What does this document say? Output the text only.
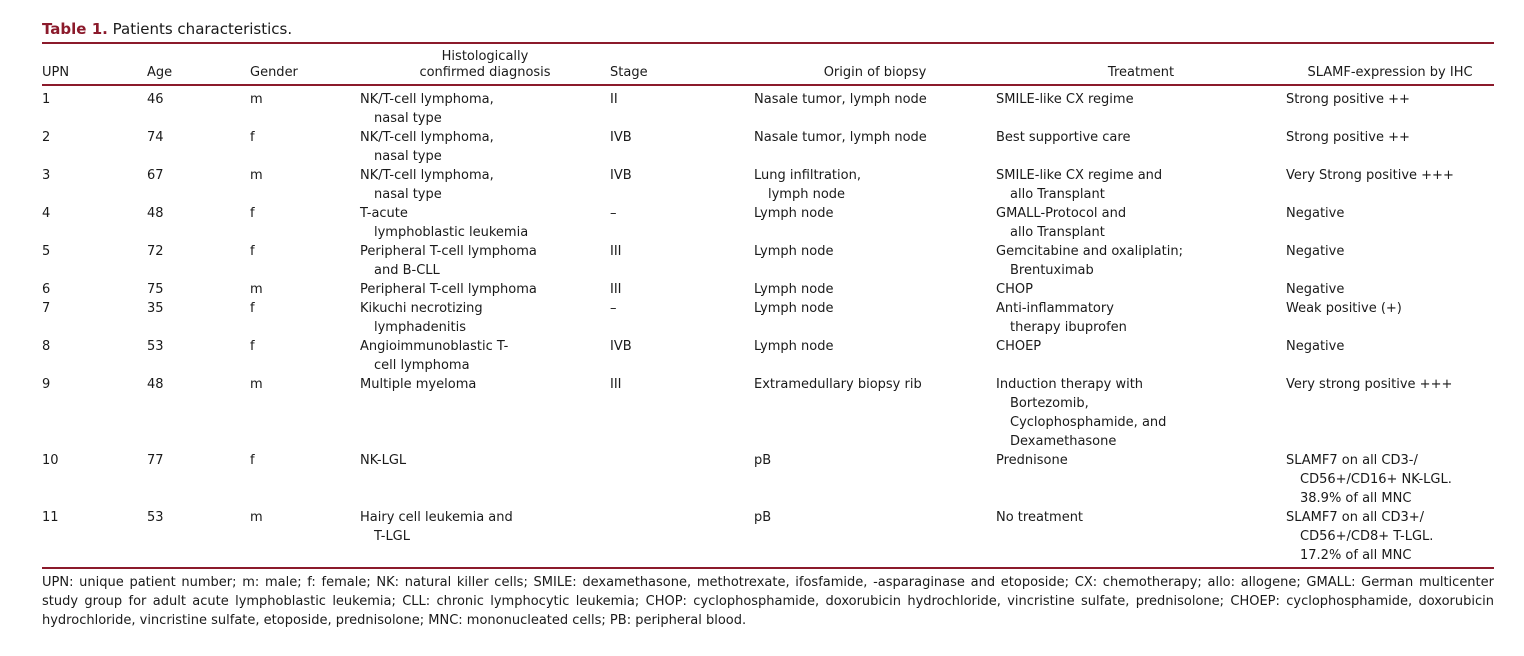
Table 1. Patients characteristics.
UPN	Age	Gender	Histologically
confirmed diagnosis	Stage	Origin of biopsy	Treatment	SLAMF-expression by IHC
1	46	m	NK/T-cell lymphoma,
nasal type	II	Nasale tumor, lymph node	SMILE-like CX regime	Strong positive ++

2	74	f	NK/T-cell lymphoma,
nasal type	IVB	Nasale tumor, lymph node	Best supportive care	Strong positive ++

3	67	m	NK/T-cell lymphoma,
nasal type	IVB	Lung infiltration,
lymph node	SMILE-like CX regime and
allo Transplant	Very Strong positive +++

4	48	f	T-acute
lymphoblastic leukemia	–	Lymph node	GMALL-Protocol and
allo Transplant	Negative

5	72	f	Peripheral T-cell lymphoma
and B-CLL	III	Lymph node	Gemcitabine and oxaliplatin;
Brentuximab	Negative

6	75	m	Peripheral T-cell lymphoma	III	Lymph node	CHOP	Negative

7	35	f	Kikuchi necrotizing
lymphadenitis	–	Lymph node	Anti-inflammatory
therapy ibuprofen	Weak positive (+)

8	53	f	Angioimmunoblastic T-
cell lymphoma	IVB	Lymph node	CHOEP	Negative

9	48	m	Multiple myeloma	III	Extramedullary biopsy rib	Induction therapy with
Bortezomib,
Cyclophosphamide, and
Dexamethasone	Very strong positive +++

10	77	f	NK-LGL		pB	Prednisone	SLAMF7 on all CD3-/
CD56+/CD16+ NK-LGL.
38.9% of all MNC

11	53	m	Hairy cell leukemia and
T-LGL		pB	No treatment	SLAMF7 on all CD3+/
CD56+/CD8+ T-LGL.
17.2% of all MNC
UPN: unique patient number; m: male; f: female; NK: natural killer cells; SMILE: dexamethasone, methotrexate, ifosfamide, -asparaginase and etoposide; CX: chemotherapy; allo: allogene; GMALL: German multicenter study group for adult acute lymphoblastic leukemia; CLL: chronic lymphocytic leukemia; CHOP: cyclophosphamide, doxorubicin hydrochloride, vincristine sulfate, prednisolone; CHOEP: cyclophosphamide, doxorubicin hydrochloride, vincristine sulfate, etoposide, prednisolone; MNC: mononucleated cells; PB: peripheral blood.
